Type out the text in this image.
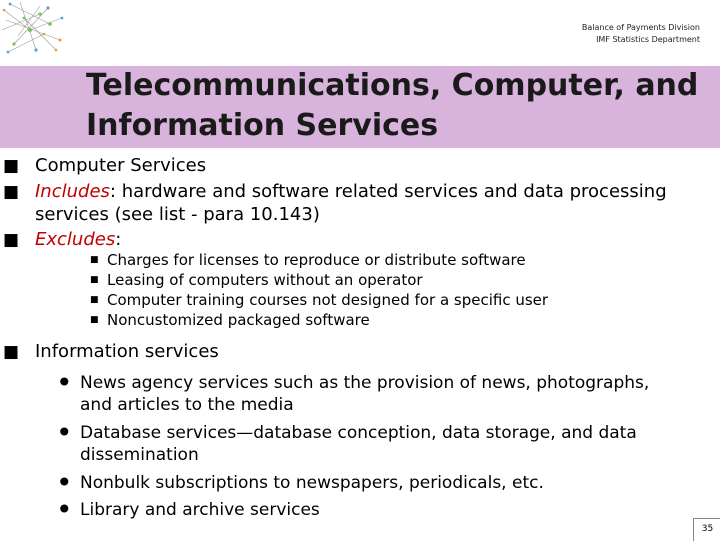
Balance of Payments Division
IMF Statistics Department
Telecommunications, Computer, and
Information Services
■ Computer Services
■ Includes: hardware and software related services and data processing
services (see list - para 10.143)
■ Excludes:
■ Charges for licenses to reproduce or distribute software
■ Leasing of computers without an operator
■ Computer training courses not designed for a specific user
■ Noncustomized packaged software
■ Information services
• News agency services such as the provision of news, photographs,
and articles to the media
• Database services—database conception, data storage, and data
dissemination
• Nonbulk subscriptions to newspapers, periodicals, etc.
• Library and archive services
35
